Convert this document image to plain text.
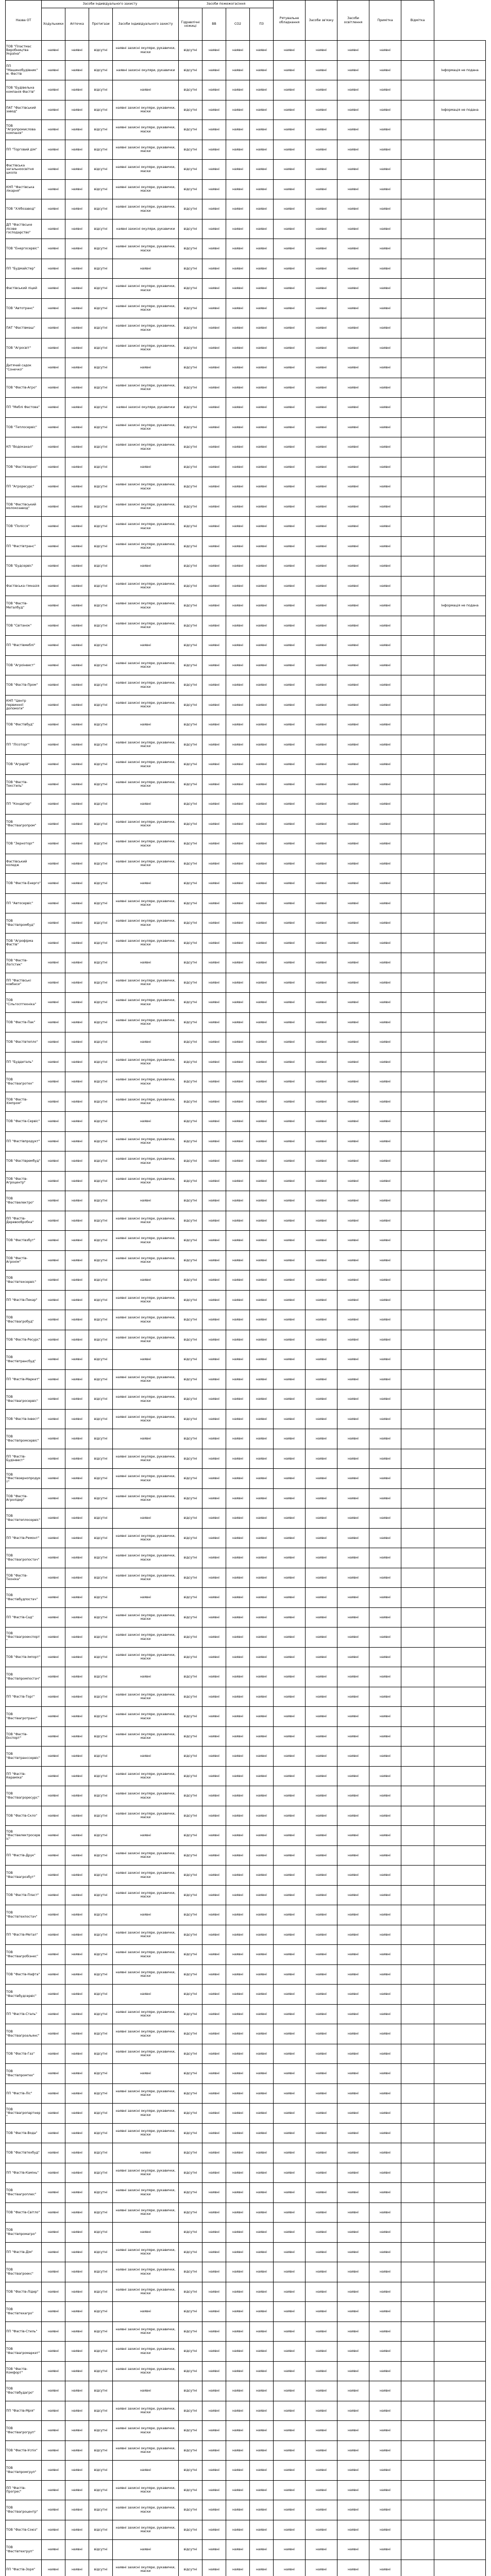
Назва ОТ	Засоби індивідуального захисту				Засоби пожежогасіння				Рятувальне обладнання	Засоби зв'язку	Засоби освітлення	Примітка	Відмітка	
	Ходульники	Аптечка	Протигази	Засоби індивідуального захисту	Гідравлічні ножиці	ВВ	СО2	ПЗ						
ТОВ "Пластмас Виробництва Україна"	наявні	наявні	відсутні	наявні захисні окуляри, рукавички, маски	відсутні	наявні	наявні	наявні	наявні	наявні	наявні	наявні		
ПП "Машинобудівник" м. Фастів	наявні	наявні	відсутні	наявні захисні окуляри, рукавички	відсутні	наявні	наявні	наявні	наявні	наявні	наявні	наявні		Інформація не подана
ТОВ "Будівельна компанія Фастів"	наявні	наявні	відсутні	наявні	відсутні	наявні	наявні	наявні	наявні	наявні	наявні	наявні		
ПАТ "Фастівський завод"	наявні	наявні	відсутні	наявні захисні окуляри, рукавички, маски	відсутні	наявні	наявні	наявні	наявні	наявні	наявні	наявні		Інформація не подана
ТОВ "Агропромислова компанія"	наявні	наявні	відсутні	наявні захисні окуляри, рукавички, маски	відсутні	наявні	наявні	наявні	наявні	наявні	наявні	наявні		
ПП "Торговий дім"	наявні	наявні	відсутні	наявні захисні окуляри, рукавички, маски	відсутні	наявні	наявні	наявні	наявні	наявні	наявні	наявні		
Фастівська загальноосвітня школа	наявні	наявні	відсутні	наявні захисні окуляри, рукавички, маски	відсутні	наявні	наявні	наявні	наявні	наявні	наявні	наявні		
КНП "Фастівська лікарня"	наявні	наявні	відсутні	наявні захисні окуляри, рукавички, маски	відсутні	наявні	наявні	наявні	наявні	наявні	наявні	наявні		
ТОВ "Хлібозавод"	наявні	наявні	відсутні	наявні захисні окуляри, рукавички, маски	відсутні	наявні	наявні	наявні	наявні	наявні	наявні	наявні		
ДП "Фастівське лісове господарство"	наявні	наявні	відсутні	наявні захисні окуляри, рукавички	відсутні	наявні	наявні	наявні	наявні	наявні	наявні	наявні		
ТОВ "Енергосервіс"	наявні	наявні	відсутні	наявні захисні окуляри, рукавички, маски	відсутні	наявні	наявні	наявні	наявні	наявні	наявні	наявні		
ПП "Будмайстер"	наявні	наявні	відсутні	наявні	відсутні	наявні	наявні	наявні	наявні	наявні	наявні	наявні		
Фастівський ліцей	наявні	наявні	відсутні	наявні захисні окуляри, рукавички, маски	відсутні	наявні	наявні	наявні	наявні	наявні	наявні	наявні		
ТОВ "Автотранс"	наявні	наявні	відсутні	наявні захисні окуляри, рукавички, маски	відсутні	наявні	наявні	наявні	наявні	наявні	наявні	наявні		
ПАТ "Фастівмаш"	наявні	наявні	відсутні	наявні захисні окуляри, рукавички, маски	відсутні	наявні	наявні	наявні	наявні	наявні	наявні	наявні		
ТОВ "Агросвіт"	наявні	наявні	відсутні	наявні захисні окуляри, рукавички, маски	відсутні	наявні	наявні	наявні	наявні	наявні	наявні	наявні		
Дитячий садок "Сонечко"	наявні	наявні	відсутні	наявні	відсутні	наявні	наявні	наявні	наявні	наявні	наявні	наявні		
ТОВ "Фастів-Агро"	наявні	наявні	відсутні	наявні захисні окуляри, рукавички, маски	відсутні	наявні	наявні	наявні	наявні	наявні	наявні	наявні		
ПП "Меблі Фастова"	наявні	наявні	відсутні	наявні захисні окуляри, рукавички	відсутні	наявні	наявні	наявні	наявні	наявні	наявні	наявні		
ТОВ "Теплосервіс"	наявні	наявні	відсутні	наявні захисні окуляри, рукавички, маски	відсутні	наявні	наявні	наявні	наявні	наявні	наявні	наявні		
КП "Водоканал"	наявні	наявні	відсутні	наявні захисні окуляри, рукавички, маски	відсутні	наявні	наявні	наявні	наявні	наявні	наявні	наявні		
ТОВ "Фастівзерно"	наявні	наявні	відсутні	наявні	відсутні	наявні	наявні	наявні	наявні	наявні	наявні	наявні		
ПП "Агроресурс"	наявні	наявні	відсутні	наявні захисні окуляри, рукавички, маски	відсутні	наявні	наявні	наявні	наявні	наявні	наявні	наявні		
ТОВ "Фастівський молокозавод"	наявні	наявні	відсутні	наявні захисні окуляри, рукавички, маски	відсутні	наявні	наявні	наявні	наявні	наявні	наявні	наявні		
ТОВ "Полісся"	наявні	наявні	відсутні	наявні захисні окуляри, рукавички, маски	відсутні	наявні	наявні	наявні	наявні	наявні	наявні	наявні		
ПП "Фастівтранс"	наявні	наявні	відсутні	наявні захисні окуляри, рукавички, маски	відсутні	наявні	наявні	наявні	наявні	наявні	наявні	наявні		
ТОВ "Будсервіс"	наявні	наявні	відсутні	наявні	відсутні	наявні	наявні	наявні	наявні	наявні	наявні	наявні		
Фастівська гімназія	наявні	наявні	відсутні	наявні захисні окуляри, рукавички, маски	відсутні	наявні	наявні	наявні	наявні	наявні	наявні	наявні		
ТОВ "Фастів-Металбуд"	наявні	наявні	відсутні	наявні захисні окуляри, рукавички, маски	відсутні	наявні	наявні	наявні	наявні	наявні	наявні	наявні		Інформація не подана
ТОВ "Світанок"	наявні	наявні	відсутні	наявні захисні окуляри, рукавички, маски	відсутні	наявні	наявні	наявні	наявні	наявні	наявні	наявні		
ПП "Фастівмеблі"	наявні	наявні	відсутні	наявні	відсутні	наявні	наявні	наявні	наявні	наявні	наявні	наявні		
ТОВ "Агроінвест"	наявні	наявні	відсутні	наявні захисні окуляри, рукавички, маски	відсутні	наявні	наявні	наявні	наявні	наявні	наявні	наявні		
ТОВ "Фастів-Пром"	наявні	наявні	відсутні	наявні захисні окуляри, рукавички, маски	відсутні	наявні	наявні	наявні	наявні	наявні	наявні	наявні		
КНП "Центр первинної допомоги"	наявні	наявні	відсутні	наявні захисні окуляри, рукавички, маски	відсутні	наявні	наявні	наявні	наявні	наявні	наявні	наявні		
ТОВ "Фастівбуд"	наявні	наявні	відсутні	наявні	відсутні	наявні	наявні	наявні	наявні	наявні	наявні	наявні		
ПП "Лісоторг"	наявні	наявні	відсутні	наявні захисні окуляри, рукавички, маски	відсутні	наявні	наявні	наявні	наявні	наявні	наявні	наявні		
ТОВ "Аграрій"	наявні	наявні	відсутні	наявні захисні окуляри, рукавички, маски	відсутні	наявні	наявні	наявні	наявні	наявні	наявні	наявні		
ТОВ "Фастів-Текстиль"	наявні	наявні	відсутні	наявні захисні окуляри, рукавички, маски	відсутні	наявні	наявні	наявні	наявні	наявні	наявні	наявні		
ПП "Кондитер"	наявні	наявні	відсутні	наявні	відсутні	наявні	наявні	наявні	наявні	наявні	наявні	наявні		
ТОВ "Фастівагропром"	наявні	наявні	відсутні	наявні захисні окуляри, рукавички, маски	відсутні	наявні	наявні	наявні	наявні	наявні	наявні	наявні		
ТОВ "Зерноторг"	наявні	наявні	відсутні	наявні захисні окуляри, рукавички, маски	відсутні	наявні	наявні	наявні	наявні	наявні	наявні	наявні		
Фастівський коледж	наявні	наявні	відсутні	наявні захисні окуляри, рукавички, маски	відсутні	наявні	наявні	наявні	наявні	наявні	наявні	наявні		
ТОВ "Фастів-Енерго"	наявні	наявні	відсутні	наявні	відсутні	наявні	наявні	наявні	наявні	наявні	наявні	наявні		
ПП "Автосервіс"	наявні	наявні	відсутні	наявні захисні окуляри, рукавички, маски	відсутні	наявні	наявні	наявні	наявні	наявні	наявні	наявні		
ТОВ "Фастівпромбуд"	наявні	наявні	відсутні	наявні захисні окуляри, рукавички, маски	відсутні	наявні	наявні	наявні	наявні	наявні	наявні	наявні		
ТОВ "Агрофірма Фастів"	наявні	наявні	відсутні	наявні захисні окуляри, рукавички, маски	відсутні	наявні	наявні	наявні	наявні	наявні	наявні	наявні		
ТОВ "Фастів-Логістик"	наявні	наявні	відсутні	наявні	відсутні	наявні	наявні	наявні	наявні	наявні	наявні	наявні		
ПП "Фастівські ковбаси"	наявні	наявні	відсутні	наявні захисні окуляри, рукавички, маски	відсутні	наявні	наявні	наявні	наявні	наявні	наявні	наявні		
ТОВ "Сільгосптехніка"	наявні	наявні	відсутні	наявні захисні окуляри, рукавички, маски	відсутні	наявні	наявні	наявні	наявні	наявні	наявні	наявні		
ТОВ "Фастів-Пак"	наявні	наявні	відсутні	наявні захисні окуляри, рукавички, маски	відсутні	наявні	наявні	наявні	наявні	наявні	наявні	наявні		
ТОВ "Фастівтепло"	наявні	наявні	відсутні	наявні	відсутні	наявні	наявні	наявні	наявні	наявні	наявні	наявні		
ПП "Буддеталь"	наявні	наявні	відсутні	наявні захисні окуляри, рукавички, маски	відсутні	наявні	наявні	наявні	наявні	наявні	наявні	наявні		
ТОВ "Фастівагротех"	наявні	наявні	відсутні	наявні захисні окуляри, рукавички, маски	відсутні	наявні	наявні	наявні	наявні	наявні	наявні	наявні		
ТОВ "Фастів-Хімпром"	наявні	наявні	відсутні	наявні захисні окуляри, рукавички, маски	відсутні	наявні	наявні	наявні	наявні	наявні	наявні	наявні		
ТОВ "Фастів-Сервіс"	наявні	наявні	відсутні	наявні	відсутні	наявні	наявні	наявні	наявні	наявні	наявні	наявні		
ПП "Фастівпродукт"	наявні	наявні	відсутні	наявні захисні окуляри, рукавички, маски	відсутні	наявні	наявні	наявні	наявні	наявні	наявні	наявні		
ТОВ "Фастіврембуд"	наявні	наявні	відсутні	наявні захисні окуляри, рукавички, маски	відсутні	наявні	наявні	наявні	наявні	наявні	наявні	наявні		
ТОВ "Фастів-Агроцентр"	наявні	наявні	відсутні	наявні захисні окуляри, рукавички, маски	відсутні	наявні	наявні	наявні	наявні	наявні	наявні	наявні		
ТОВ "Фастівелектро"	наявні	наявні	відсутні	наявні	відсутні	наявні	наявні	наявні	наявні	наявні	наявні	наявні		
ПП "Фастів-Деревообробка"	наявні	наявні	відсутні	наявні захисні окуляри, рукавички, маски	відсутні	наявні	наявні	наявні	наявні	наявні	наявні	наявні		
ТОВ "Фастівзбут"	наявні	наявні	відсутні	наявні захисні окуляри, рукавички, маски	відсутні	наявні	наявні	наявні	наявні	наявні	наявні	наявні		
ТОВ "Фастів-Агрохім"	наявні	наявні	відсутні	наявні захисні окуляри, рукавички, маски	відсутні	наявні	наявні	наявні	наявні	наявні	наявні	наявні		
ТОВ "Фастівтехсервіс"	наявні	наявні	відсутні	наявні	відсутні	наявні	наявні	наявні	наявні	наявні	наявні	наявні		
ПП "Фастів-Пекар"	наявні	наявні	відсутні	наявні захисні окуляри, рукавички, маски	відсутні	наявні	наявні	наявні	наявні	наявні	наявні	наявні		
ТОВ "Фастівагробуд"	наявні	наявні	відсутні	наявні захисні окуляри, рукавички, маски	відсутні	наявні	наявні	наявні	наявні	наявні	наявні	наявні		
ТОВ "Фастів-Ресурс"	наявні	наявні	відсутні	наявні захисні окуляри, рукавички, маски	відсутні	наявні	наявні	наявні	наявні	наявні	наявні	наявні		
ТОВ "Фастівтрансбуд"	наявні	наявні	відсутні	наявні	відсутні	наявні	наявні	наявні	наявні	наявні	наявні	наявні		
ПП "Фастів-Маркет"	наявні	наявні	відсутні	наявні захисні окуляри, рукавички, маски	відсутні	наявні	наявні	наявні	наявні	наявні	наявні	наявні		
ТОВ "Фастівагросервіс"	наявні	наявні	відсутні	наявні захисні окуляри, рукавички, маски	відсутні	наявні	наявні	наявні	наявні	наявні	наявні	наявні		
ТОВ "Фастів-Інвест"	наявні	наявні	відсутні	наявні захисні окуляри, рукавички, маски	відсутні	наявні	наявні	наявні	наявні	наявні	наявні	наявні		
ТОВ "Фастівпромсервіс"	наявні	наявні	відсутні	наявні	відсутні	наявні	наявні	наявні	наявні	наявні	наявні	наявні		
ПП "Фастів-Будінвест"	наявні	наявні	відсутні	наявні захисні окуляри, рукавички, маски	відсутні	наявні	наявні	наявні	наявні	наявні	наявні	наявні		
ТОВ "Фастівзернопродукт"	наявні	наявні	відсутні	наявні захисні окуляри, рукавички, маски	відсутні	наявні	наявні	наявні	наявні	наявні	наявні	наявні		
ТОВ "Фастів-Агролідер"	наявні	наявні	відсутні	наявні захисні окуляри, рукавички, маски	відсутні	наявні	наявні	наявні	наявні	наявні	наявні	наявні		
ТОВ "Фастівтеплосервіс"	наявні	наявні	відсутні	наявні	відсутні	наявні	наявні	наявні	наявні	наявні	наявні	наявні		
ПП "Фастів-Ремонт"	наявні	наявні	відсутні	наявні захисні окуляри, рукавички, маски	відсутні	наявні	наявні	наявні	наявні	наявні	наявні	наявні		
ТОВ "Фастівагропостач"	наявні	наявні	відсутні	наявні захисні окуляри, рукавички, маски	відсутні	наявні	наявні	наявні	наявні	наявні	наявні	наявні		
ТОВ "Фастів-Техніка"	наявні	наявні	відсутні	наявні захисні окуляри, рукавички, маски	відсутні	наявні	наявні	наявні	наявні	наявні	наявні	наявні		
ТОВ "Фастівбудпостач"	наявні	наявні	відсутні	наявні	відсутні	наявні	наявні	наявні	наявні	наявні	наявні	наявні		
ПП "Фастів-Сад"	наявні	наявні	відсутні	наявні захисні окуляри, рукавички, маски	відсутні	наявні	наявні	наявні	наявні	наявні	наявні	наявні		
ТОВ "Фастівагроекспорт"	наявні	наявні	відсутні	наявні захисні окуляри, рукавички, маски	відсутні	наявні	наявні	наявні	наявні	наявні	наявні	наявні		
ТОВ "Фастів-Імпорт"	наявні	наявні	відсутні	наявні захисні окуляри, рукавички, маски	відсутні	наявні	наявні	наявні	наявні	наявні	наявні	наявні		
ТОВ "Фастівпромпостач"	наявні	наявні	відсутні	наявні	відсутні	наявні	наявні	наявні	наявні	наявні	наявні	наявні		
ПП "Фастів-Торг"	наявні	наявні	відсутні	наявні захисні окуляри, рукавички, маски	відсутні	наявні	наявні	наявні	наявні	наявні	наявні	наявні		
ТОВ "Фастівагротранс"	наявні	наявні	відсутні	наявні захисні окуляри, рукавички, маски	відсутні	наявні	наявні	наявні	наявні	наявні	наявні	наявні		
ТОВ "Фастів-Експорт"	наявні	наявні	відсутні	наявні захисні окуляри, рукавички, маски	відсутні	наявні	наявні	наявні	наявні	наявні	наявні	наявні		
ТОВ "Фастівтранссервіс"	наявні	наявні	відсутні	наявні	відсутні	наявні	наявні	наявні	наявні	наявні	наявні	наявні		
ПП "Фастів-Кераміка"	наявні	наявні	відсутні	наявні захисні окуляри, рукавички, маски	відсутні	наявні	наявні	наявні	наявні	наявні	наявні	наявні		
ТОВ "Фастівагроресурс"	наявні	наявні	відсутні	наявні захисні окуляри, рукавички, маски	відсутні	наявні	наявні	наявні	наявні	наявні	наявні	наявні		
ТОВ "Фастів-Скло"	наявні	наявні	відсутні	наявні захисні окуляри, рукавички, маски	відсутні	наявні	наявні	наявні	наявні	наявні	наявні	наявні		
ТОВ "Фастівелектросервіс"	наявні	наявні	відсутні	наявні	відсутні	наявні	наявні	наявні	наявні	наявні	наявні	наявні		
ПП "Фастів-Друк"	наявні	наявні	відсутні	наявні захисні окуляри, рукавички, маски	відсутні	наявні	наявні	наявні	наявні	наявні	наявні	наявні		
ТОВ "Фастівагрозбут"	наявні	наявні	відсутні	наявні захисні окуляри, рукавички, маски	відсутні	наявні	наявні	наявні	наявні	наявні	наявні	наявні		
ТОВ "Фастів-Пласт"	наявні	наявні	відсутні	наявні захисні окуляри, рукавички, маски	відсутні	наявні	наявні	наявні	наявні	наявні	наявні	наявні		
ТОВ "Фастівтехпостач"	наявні	наявні	відсутні	наявні	відсутні	наявні	наявні	наявні	наявні	наявні	наявні	наявні		
ПП "Фастів-Метал"	наявні	наявні	відсутні	наявні захисні окуляри, рукавички, маски	відсутні	наявні	наявні	наявні	наявні	наявні	наявні	наявні		
ТОВ "Фастівагробізнес"	наявні	наявні	відсутні	наявні захисні окуляри, рукавички, маски	відсутні	наявні	наявні	наявні	наявні	наявні	наявні	наявні		
ТОВ "Фастів-Нафта"	наявні	наявні	відсутні	наявні захисні окуляри, рукавички, маски	відсутні	наявні	наявні	наявні	наявні	наявні	наявні	наявні		
ТОВ "Фастівбудсервіс"	наявні	наявні	відсутні	наявні	відсутні	наявні	наявні	наявні	наявні	наявні	наявні	наявні		
ПП "Фастів-Сталь"	наявні	наявні	відсутні	наявні захисні окуляри, рукавички, маски	відсутні	наявні	наявні	наявні	наявні	наявні	наявні	наявні		
ТОВ "Фастівагроальянс"	наявні	наявні	відсутні	наявні захисні окуляри, рукавички, маски	відсутні	наявні	наявні	наявні	наявні	наявні	наявні	наявні		
ТОВ "Фастів-Газ"	наявні	наявні	відсутні	наявні захисні окуляри, рукавички, маски	відсутні	наявні	наявні	наявні	наявні	наявні	наявні	наявні		
ТОВ "Фастівпромтех"	наявні	наявні	відсутні	наявні	відсутні	наявні	наявні	наявні	наявні	наявні	наявні	наявні		
ПП "Фастів-Ліс"	наявні	наявні	відсутні	наявні захисні окуляри, рукавички, маски	відсутні	наявні	наявні	наявні	наявні	наявні	наявні	наявні		
ТОВ "Фастівагропартнер"	наявні	наявні	відсутні	наявні захисні окуляри, рукавички, маски	відсутні	наявні	наявні	наявні	наявні	наявні	наявні	наявні		
ТОВ "Фастів-Вода"	наявні	наявні	відсутні	наявні захисні окуляри, рукавички, маски	відсутні	наявні	наявні	наявні	наявні	наявні	наявні	наявні		
ТОВ "Фастівтехбуд"	наявні	наявні	відсутні	наявні	відсутні	наявні	наявні	наявні	наявні	наявні	наявні	наявні		
ПП "Фастів-Камінь"	наявні	наявні	відсутні	наявні захисні окуляри, рукавички, маски	відсутні	наявні	наявні	наявні	наявні	наявні	наявні	наявні		
ТОВ "Фастівагроплюс"	наявні	наявні	відсутні	наявні захисні окуляри, рукавички, маски	відсутні	наявні	наявні	наявні	наявні	наявні	наявні	наявні		
ТОВ "Фастів-Світло"	наявні	наявні	відсутні	наявні захисні окуляри, рукавички, маски	відсутні	наявні	наявні	наявні	наявні	наявні	наявні	наявні		
ТОВ "Фастівпромагро"	наявні	наявні	відсутні	наявні	відсутні	наявні	наявні	наявні	наявні	наявні	наявні	наявні		
ПП "Фастів-Дім"	наявні	наявні	відсутні	наявні захисні окуляри, рукавички, маски	відсутні	наявні	наявні	наявні	наявні	наявні	наявні	наявні		
ТОВ "Фастівагроекс"	наявні	наявні	відсутні	наявні захисні окуляри, рукавички, маски	відсутні	наявні	наявні	наявні	наявні	наявні	наявні	наявні		
ТОВ "Фастів-Лідер"	наявні	наявні	відсутні	наявні захисні окуляри, рукавички, маски	відсутні	наявні	наявні	наявні	наявні	наявні	наявні	наявні		
ТОВ "Фастівтехагро"	наявні	наявні	відсутні	наявні	відсутні	наявні	наявні	наявні	наявні	наявні	наявні	наявні		
ПП "Фастів-Стиль"	наявні	наявні	відсутні	наявні захисні окуляри, рукавички, маски	відсутні	наявні	наявні	наявні	наявні	наявні	наявні	наявні		
ТОВ "Фастівагромаркет"	наявні	наявні	відсутні	наявні захисні окуляри, рукавички, маски	відсутні	наявні	наявні	наявні	наявні	наявні	наявні	наявні		
ТОВ "Фастів-Комфорт"	наявні	наявні	відсутні	наявні захисні окуляри, рукавички, маски	відсутні	наявні	наявні	наявні	наявні	наявні	наявні	наявні		
ТОВ "Фастівбудагро"	наявні	наявні	відсутні	наявні	відсутні	наявні	наявні	наявні	наявні	наявні	наявні	наявні		
ПП "Фастів-Мрія"	наявні	наявні	відсутні	наявні захисні окуляри, рукавички, маски	відсутні	наявні	наявні	наявні	наявні	наявні	наявні	наявні		
ТОВ "Фастівагрогруп"	наявні	наявні	відсутні	наявні захисні окуляри, рукавички, маски	відсутні	наявні	наявні	наявні	наявні	наявні	наявні	наявні		
ТОВ "Фастів-Успіх"	наявні	наявні	відсутні	наявні захисні окуляри, рукавички, маски	відсутні	наявні	наявні	наявні	наявні	наявні	наявні	наявні		
ТОВ "Фастівпромгруп"	наявні	наявні	відсутні	наявні	відсутні	наявні	наявні	наявні	наявні	наявні	наявні	наявні		
ПП "Фастів-Прогрес"	наявні	наявні	відсутні	наявні захисні окуляри, рукавички, маски	відсутні	наявні	наявні	наявні	наявні	наявні	наявні	наявні		
ТОВ "Фастівагроцентр"	наявні	наявні	відсутні	наявні захисні окуляри, рукавички, маски	відсутні	наявні	наявні	наявні	наявні	наявні	наявні	наявні		
ТОВ "Фастів-Союз"	наявні	наявні	відсутні	наявні захисні окуляри, рукавички, маски	відсутні	наявні	наявні	наявні	наявні	наявні	наявні	наявні		
ТОВ "Фастівтехгруп"	наявні	наявні	відсутні	наявні	відсутні	наявні	наявні	наявні	наявні	наявні	наявні	наявні		
ПП "Фастів-Зоря"	наявні	наявні	відсутні	наявні захисні окуляри, рукавички, маски	відсутні	наявні	наявні	наявні	наявні	наявні	наявні	наявні		
